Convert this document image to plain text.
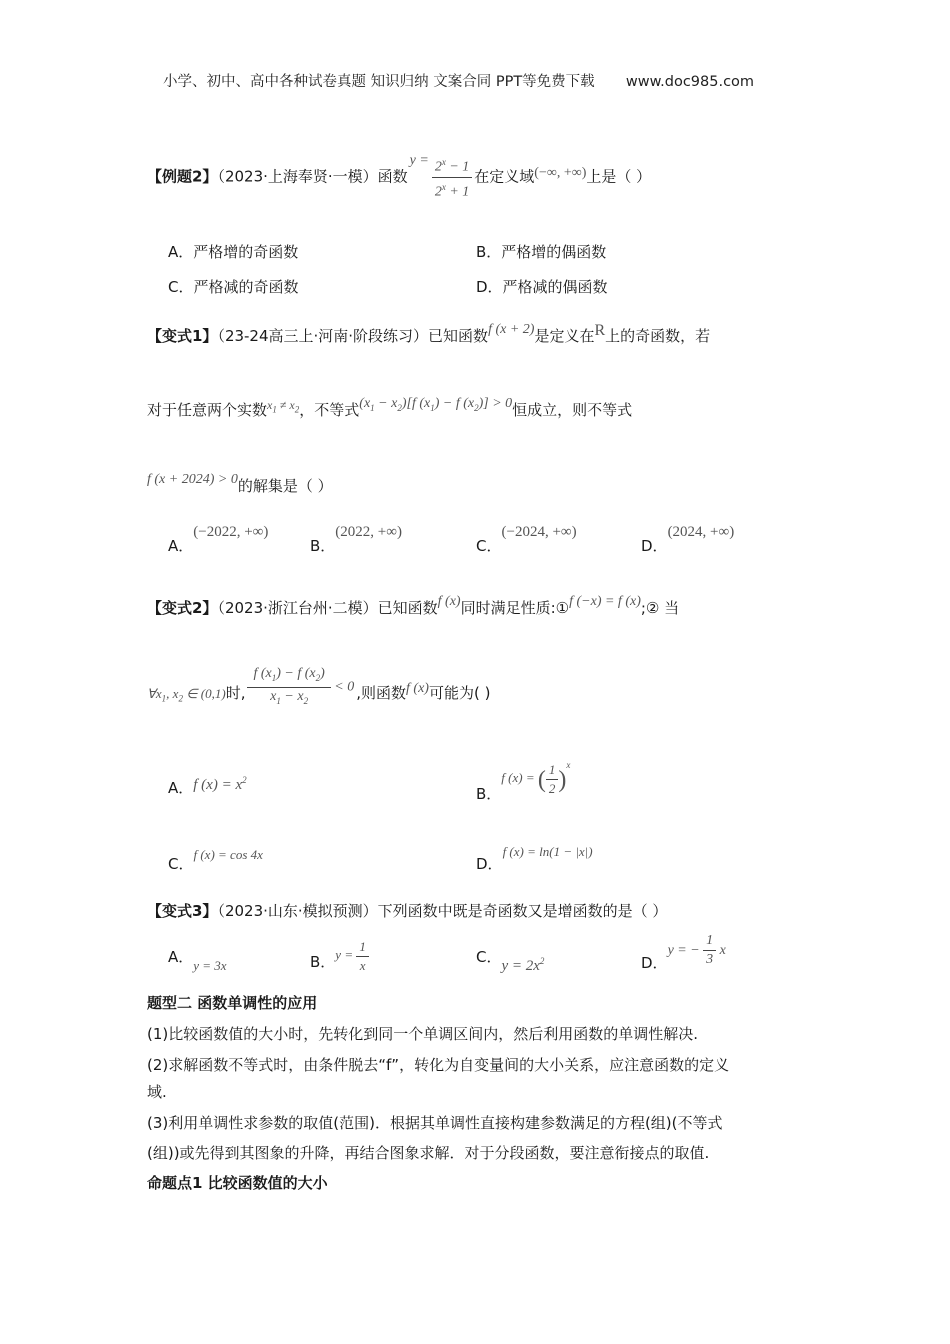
小学、初中、高中各种试卷真题 知识归纳 文案合同 PPT等免费下载 www.doc985.com
【例题2】（2023·上海奉贤·一模）函数$y = \frac{2^x - 1}{2^x + 1}$ 在定义域(−∞, +∞)上是（ ）
A．严格增的奇函数	B．严格增的偶函数
C．严格减的奇函数	D．严格减的偶函数
【变式1】（23-24高三上·河南·阶段练习）已知函数f (x + 2)是定义在R上的奇函数，若
对于任意两个实数$^{x_1 \ne x_2}$，不等式$(x_1 - x_2)[f$ $(x_1) - f$ $(x_2)] > 0$恒成立，则不等式
f (x + 2024) > 0的解集是（ ）
A．(−2022, +∞)
B．(2022, +∞)
C．(−2024, +∞)
D．(2024, +∞)
【变式2】（2023·浙江台州·二模）已知函数f (x)同时满足性质:①f (−x) = f (x);② 当
$\forall x_1$, $x_2$ ∈ (0,1)时, $\frac{f (x_1) - f (x_2)}{x_1 - x_2} < 0$ ,则函数f (x)可能为( )
A．f $(x) = x^2$
B．f (x) = ( $\frac{1}{2} )^x$
C．f (x) = cos 4x
D．f (x) = ln(1 − |x|)
【变式3】（2023·山东·模拟预测）下列函数中既是奇函数又是增函数的是（ ）
A．y = 3x	B．$y = \frac{1}{x}$	C．$y = 2x^2$	D．y = − $\frac{1}{3}$ x
题型二 函数单调性的应用
(1)比较函数值的大小时，先转化到同一个单调区间内，然后利用函数的单调性解决.
(2)求解函数不等式时，由条件脱去“f”，转化为自变量间的大小关系，应注意函数的定义
域.
(3)利用单调性求参数的取值(范围)．根据其单调性直接构建参数满足的方程(组)(不等式
(组))或先得到其图象的升降，再结合图象求解．对于分段函数，要注意衔接点的取值.
命题点1 比较函数值的大小
